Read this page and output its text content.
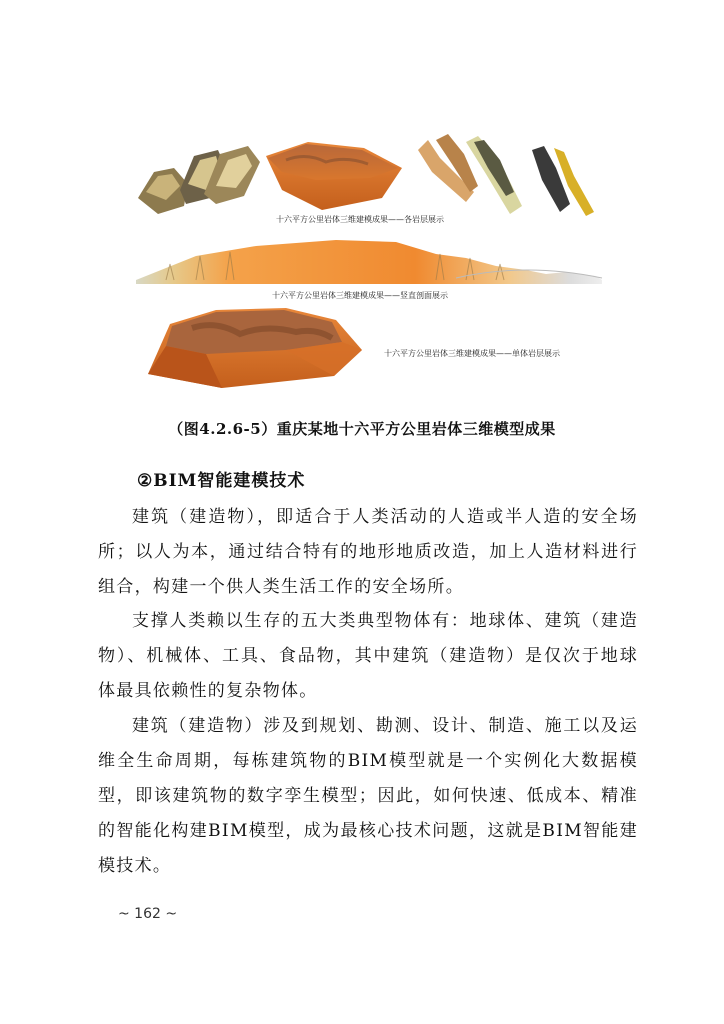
十六平方公里岩体三维建模成果——各岩层展示
十六平方公里岩体三维建模成果——竖直剖面展示
十六平方公里岩体三维建模成果——单体岩层展示
（图4.2.6-5）重庆某地十六平方公里岩体三维模型成果
②BIM智能建模技术

建筑（建造物），即适合于人类活动的人造或半人造的安全场所；以人为本，通过结合特有的地形地质改造，加上人造材料进行组合，构建一个供人类生活工作的安全场所。

支撑人类赖以生存的五大类典型物体有：地球体、建筑（建造物）、机械体、工具、食品物，其中建筑（建造物）是仅次于地球体最具依赖性的复杂物体。

建筑（建造物）涉及到规划、勘测、设计、制造、施工以及运维全生命周期，每栋建筑物的BIM模型就是一个实例化大数据模型，即该建筑物的数字孪生模型；因此，如何快速、低成本、精准的智能化构建BIM模型，成为最核心技术问题，这就是BIM智能建模技术。

~ 162 ~
